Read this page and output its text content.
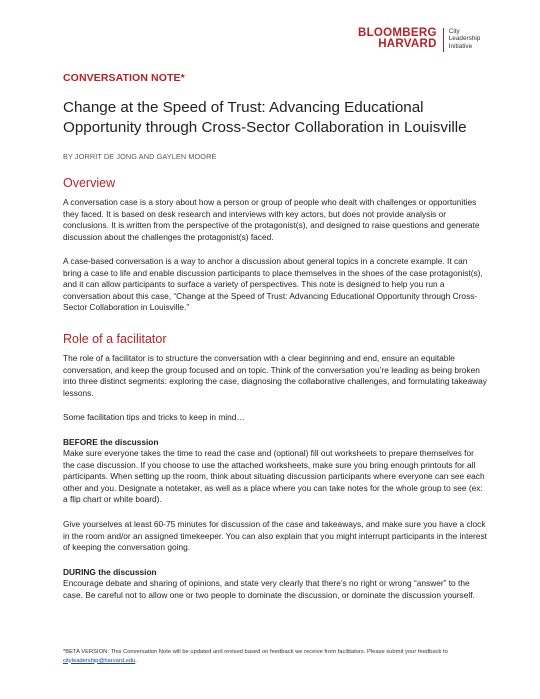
BLOOMBERG
HARVARD
City
Leadership
Initiative
CONVERSATION NOTE*
Change at the Speed of Trust: Advancing Educational Opportunity through Cross-Sector Collaboration in Louisville
BY JORRIT DE JONG AND GAYLEN MOORE
Overview

A conversation case is a story about how a person or group of people who dealt with challenges or opportunities they faced. It is based on desk research and interviews with key actors, but does not provide analysis or conclusions. It is written from the perspective of the protagonist(s), and designed to raise questions and generate discussion about the challenges the protagonist(s) faced.

A case-based conversation is a way to anchor a discussion about general topics in a concrete example. It can bring a case to life and enable discussion participants to place themselves in the shoes of the case protagonist(s), and it can allow participants to surface a variety of perspectives. This note is designed to help you run a conversation about this case, “Change at the Speed of Trust: Advancing Educational Opportunity through Cross-Sector Collaboration in Louisville.”

Role of a facilitator

The role of a facilitator is to structure the conversation with a clear beginning and end, ensure an equitable conversation, and keep the group focused and on topic. Think of the conversation you’re leading as being broken into three distinct segments: exploring the case, diagnosing the collaborative challenges, and formulating takeaway lessons.

Some facilitation tips and tricks to keep in mind…

BEFORE the discussion

Make sure everyone takes the time to read the case and (optional) fill out worksheets to prepare themselves for the case discussion. If you choose to use the attached worksheets, make sure you bring enough printouts for all participants. When setting up the room, think about situating discussion participants where everyone can see each other and you. Designate a notetaker, as well as a place where you can take notes for the whole group to see (ex: a flip chart or white board).

Give yourselves at least 60-75 minutes for discussion of the case and takeaways, and make sure you have a clock in the room and/or an assigned timekeeper. You can also explain that you might interrupt participants in the interest of keeping the conversation going.

DURING the discussion

Encourage debate and sharing of opinions, and state very clearly that there’s no right or wrong “answer” to the case. Be careful not to allow one or two people to dominate the discussion, or dominate the discussion yourself.

*BETA VERSION: This Conversation Note will be updated and revised based on feedback we receive from facilitators. Please submit your feedback to cityleadership@harvard.edu.
